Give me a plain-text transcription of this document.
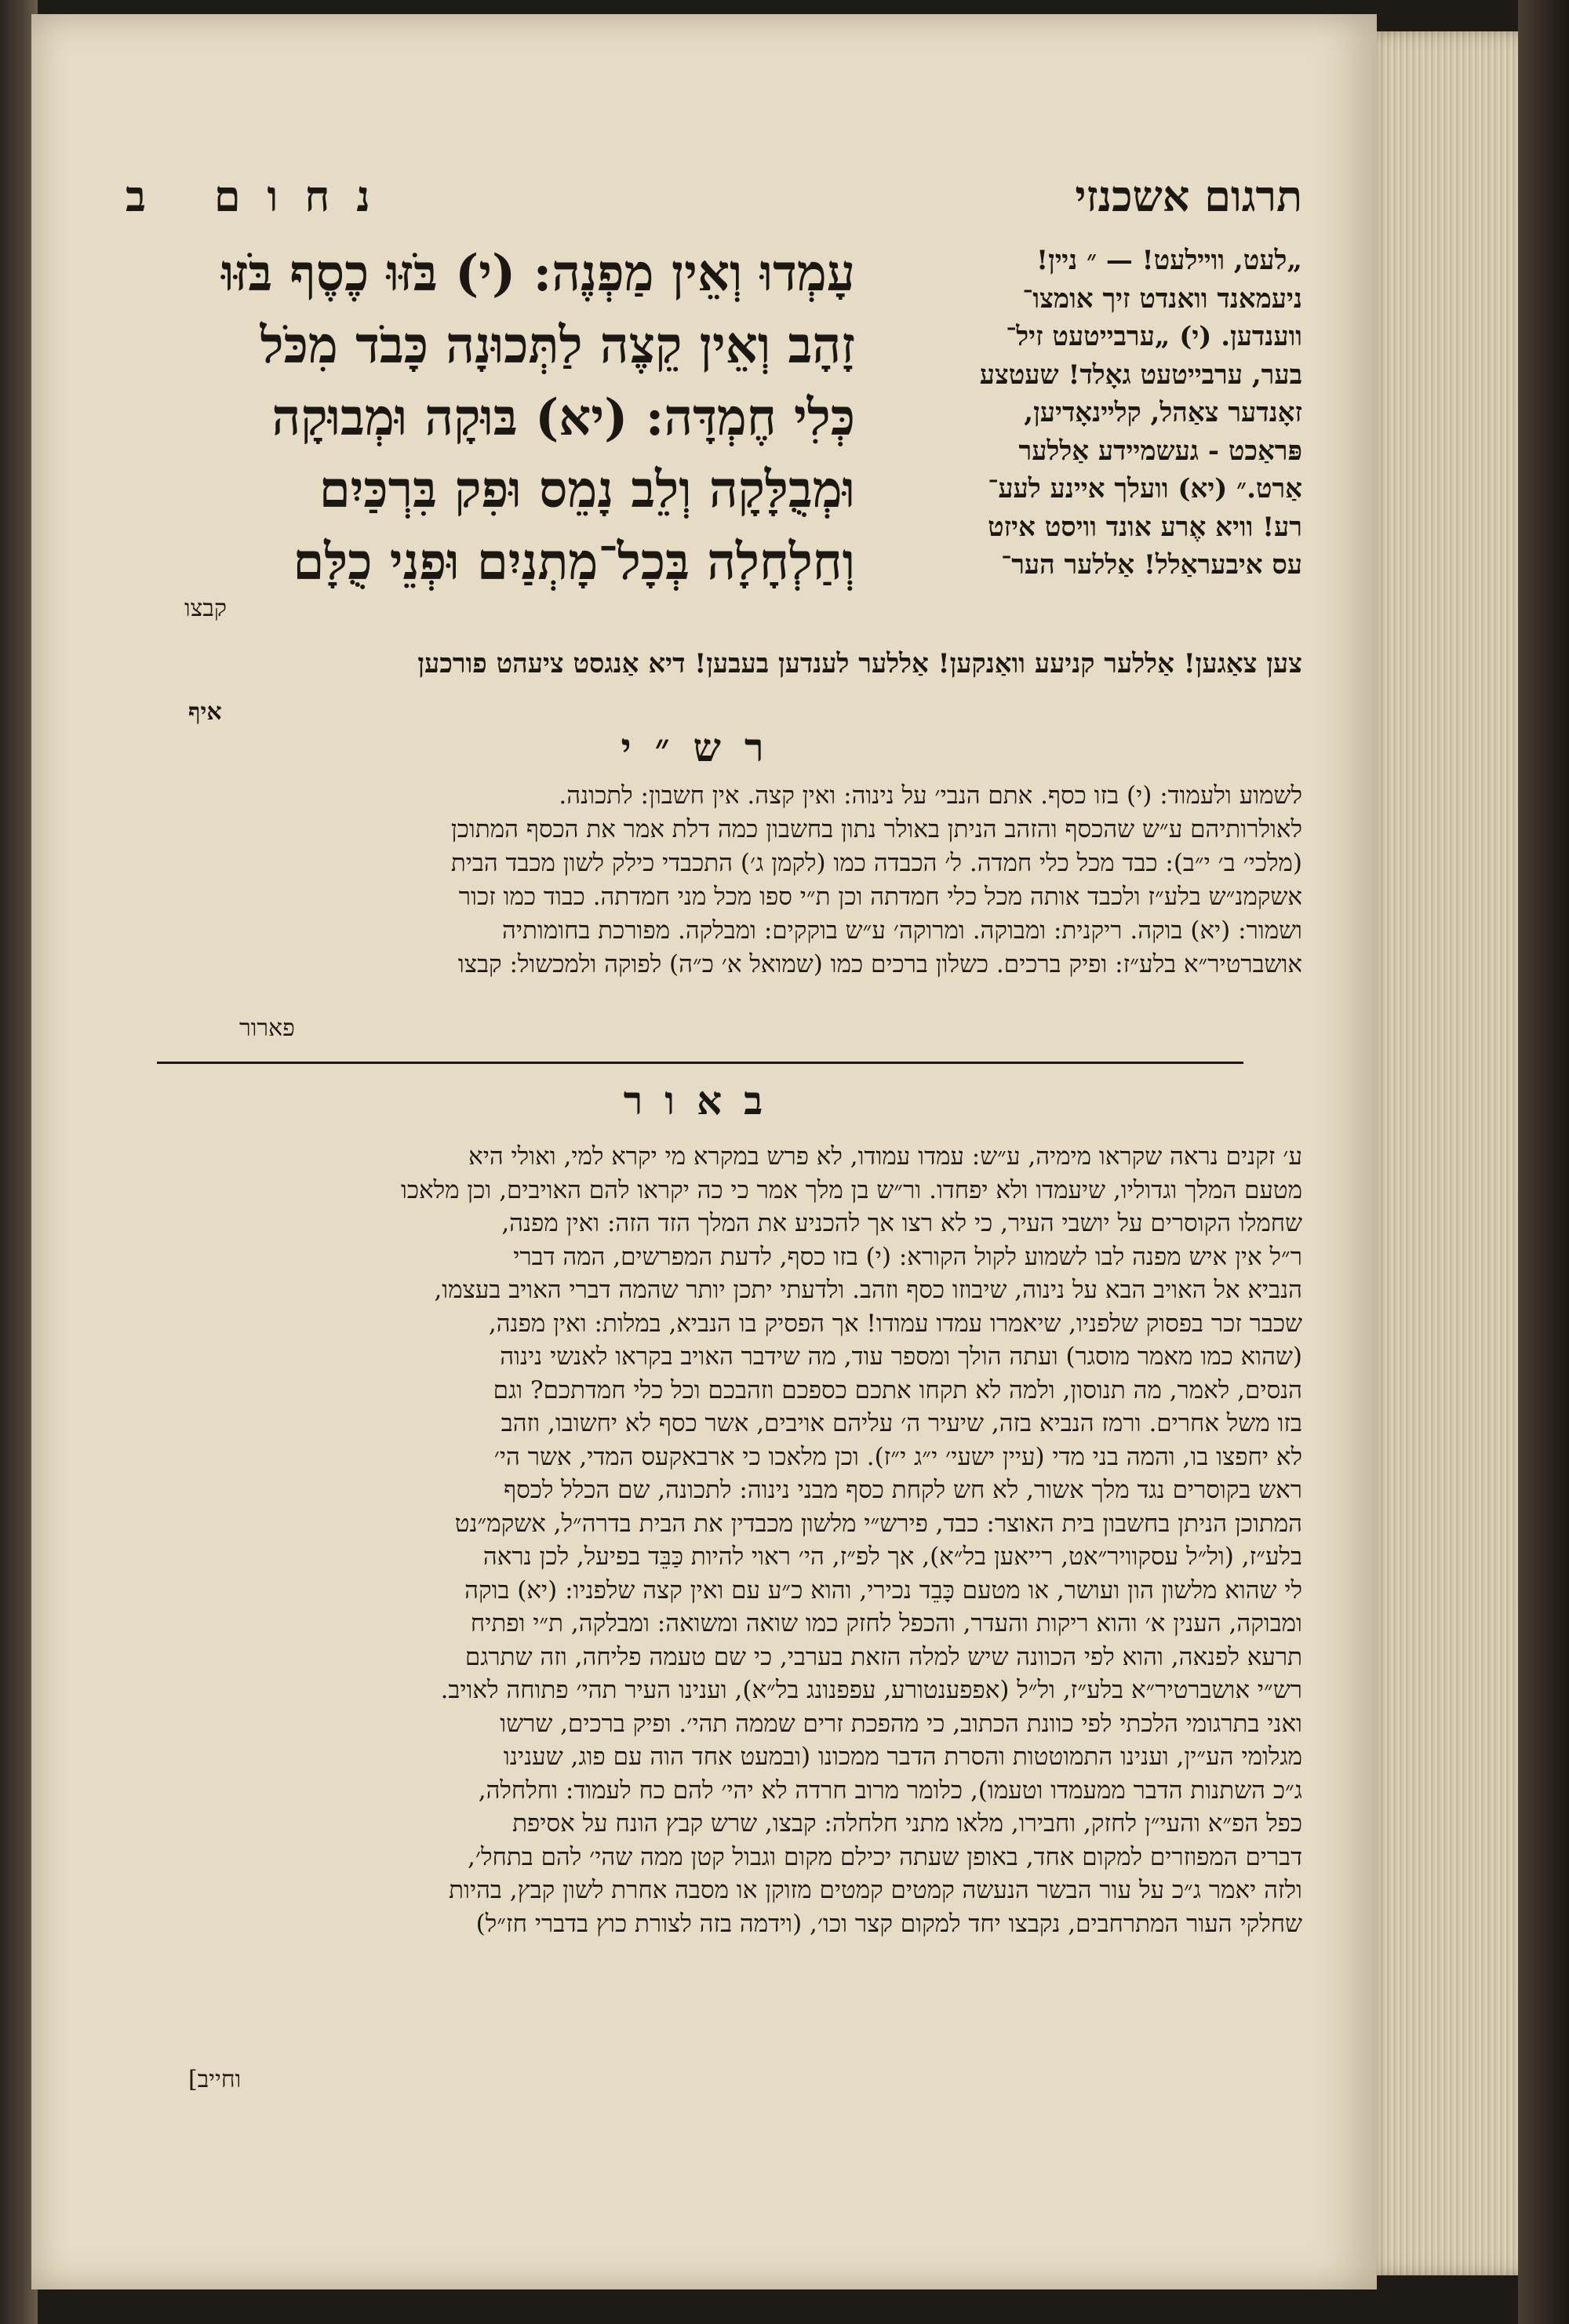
תרגום אשכנזי
נחום ב

עָמְדוּ וְאֵין מַפְנֶה: (י) בֹּזּוּ כֶסֶף בֹּזּוּ

זָהָב וְאֵין קֵצֶה לַתְּכוּנָה כָּבֹד מִכֹּל

כְּלִי חֶמְדָּה: (יא) בּוּקָה וּמְבוּקָה

וּמְבֻלָּקָה וְלֵב נָמֵס וּפִק בִּרְכַּיִם

וְחַלְחָלָה בְּכָל־מָתְנַיִם וּפְנֵי כֻלָּם

קבצו

„לעט, ווײלעט! — ״ נײן!

ניעמאנד וואנדט זיך אומצו־

ווענדען. (י) „ערבייטעט זיל־

בער, ערבייטעט גאָלד! שעטצע

זאָנדער צאַהל, קלײנאָדיען,

פּראַכט - געשמיידע אַללער

אַרט.״ (יא) וועלך איינע לעע־

רע! וויא אֶרע אונד וויסט איזט

עס איבעראַלל! אַללער הער־

צען צאַגען! אַללער קניעע וואַנקען! אַללער לענדען בעבען! דיא אַנגסט ציעהט פורכען
איף
רש״י

לשמוע ולעמוד: (י) בזו כסף. אתם הנבי׳ על נינוה: ואין קצה. אין חשבון: לתכונה.

לאולרותיהם ע״ש שהכסף והזהב הניתן באולר נתון בחשבון כמה דלת אמר את הכסף המתוכן

(מלכי׳ ב׳ י״ב): כבד מכל כלי חמדה. ל׳ הכבדה כמו (לקמן ג׳) התכבדי כילק לשון מכבד הבית

אשקמנ״ש בלע״ז ולכבד אותה מכל כלי חמדתה וכן ת״י ספו מכל מני חמדתה. כבוד כמו זכור

ושמור: (יא) בוקה. ריקנית: ומבוקה. ומרוקה׳ ע״ש בוקקים: ומבלקה. מפורכת בחומותיה

אושברטיר״א בלע״ז: ופיק ברכים. כשלון ברכים כמו (שמואל א׳ כ״ה) לפוקה ולמכשול: קבצו

פארור
באור

ע׳ זקנים נראה שקראו מימיה, ע״ש: עמדו עמודו, לא פרש במקרא מי יקרא למי, ואולי היא

מטעם המלך וגדוליו, שיעמדו ולא יפחדו. ור״ש בן מלך אמר כי כה יקראו להם האויבים, וכן מלאכו

שחמלו הקוסרים על יושבי העיר, כי לא רצו אך להכניע את המלך הזד הזה: ואין מפנה,

ר״ל אין איש מפנה לבו לשמוע לקול הקורא: (י) בזו כסף, לדעת המפרשים, המה דברי

הנביא אל האויב הבא על נינוה, שיבוזו כסף וזהב. ולדעתי יתכן יותר שהמה דברי האויב בעצמו,

שכבר זכר בפסוק שלפניו, שיאמרו עמדו עמודו! אך הפסיק בו הנביא, במלות: ואין מפנה,

(שהוא כמו מאמר מוסגר) ועתה הולך ומספר עוד, מה שידבר האויב בקראו לאנשי נינוה

הנסים, לאמר, מה תנוסון, ולמה לא תקחו אתכם כספכם וזהבכם וכל כלי חמדתכם? וגם

בזו משל אחרים. ורמז הנביא בזה, שיעיר ה׳ עליהם אויבים, אשר כסף לא יחשובו, וזהב

לא יחפצו בו, והמה בני מדי (עיין ישעי׳ י״ג י״ז). וכן מלאכו כי ארבאקעס המדי, אשר הי׳

ראש בקוסרים נגד מלך אשור, לא חש לקחת כסף מבני נינוה: לתכונה, שם הכלל לכסף

המתוכן הניתן בחשבון בית האוצר: כבד, פירש״י מלשון מכבדין את הבית בדרה״ל, אשקמ״נט

בלע״ז, (ול״ל עסקוויר״אט, רייאען בל״א), אך לפ״ז, הי׳ ראוי להיות כַּבֵּד בפיעל, לכן נראה

לי שהוא מלשון הון ועושר, או מטעם כָּבֵד נכירי, והוא כ״ע עם ואין קצה שלפניו: (יא) בוקה

ומבוקה, הענין א׳ והוא ריקות והעדר, והכפל לחזק כמו שואה ומשואה: ומבלקה, ת״י ופתיח

תרעא לפנאה, והוא לפי הכוונה שיש למלה הזאת בערבי, כי שם טעמה פליחה, וזה שתרגם

רש״י אושברטיר״א בלע״ז, ול״ל (אפפענטורע, עפפנונג בל״א), וענינו העיר תהי׳ פתוחה לאויב.

ואני בתרגומי הלכתי לפי כוונת הכתוב, כי מהפכת זרים שממה תהי׳. ופיק ברכים, שרשו

מגלומי הע״ין, וענינו התמוטטות והסרת הדבר ממכונו (ובמעט אחד הוה עם פוג, שענינו

ג״כ השתנות הדבר ממעמדו וטעמו), כלומר מרוב חרדה לא יהי׳ להם כח לעמוד: וחלחלה,

כפל הפ״א והעי״ן לחזק, וחבירו, מלאו מתני חלחלה: קבצו, שרש קבץ הונח על אסיפת

דברים המפוזרים למקום אחד, באופן שעתה יכילם מקום וגבול קטן ממה שהי׳ להם בתחל׳,

ולזה יאמר ג״כ על עור הבשר הנעשה קמטים קמטים מזוקן או מסבה אחרת לשון קבץ, בהיות

שחלקי העור המתרחבים, נקבצו יחד למקום קצר וכו׳, (וידמה בזה לצורת כוץ בדברי חז״ל)

וחייב]
